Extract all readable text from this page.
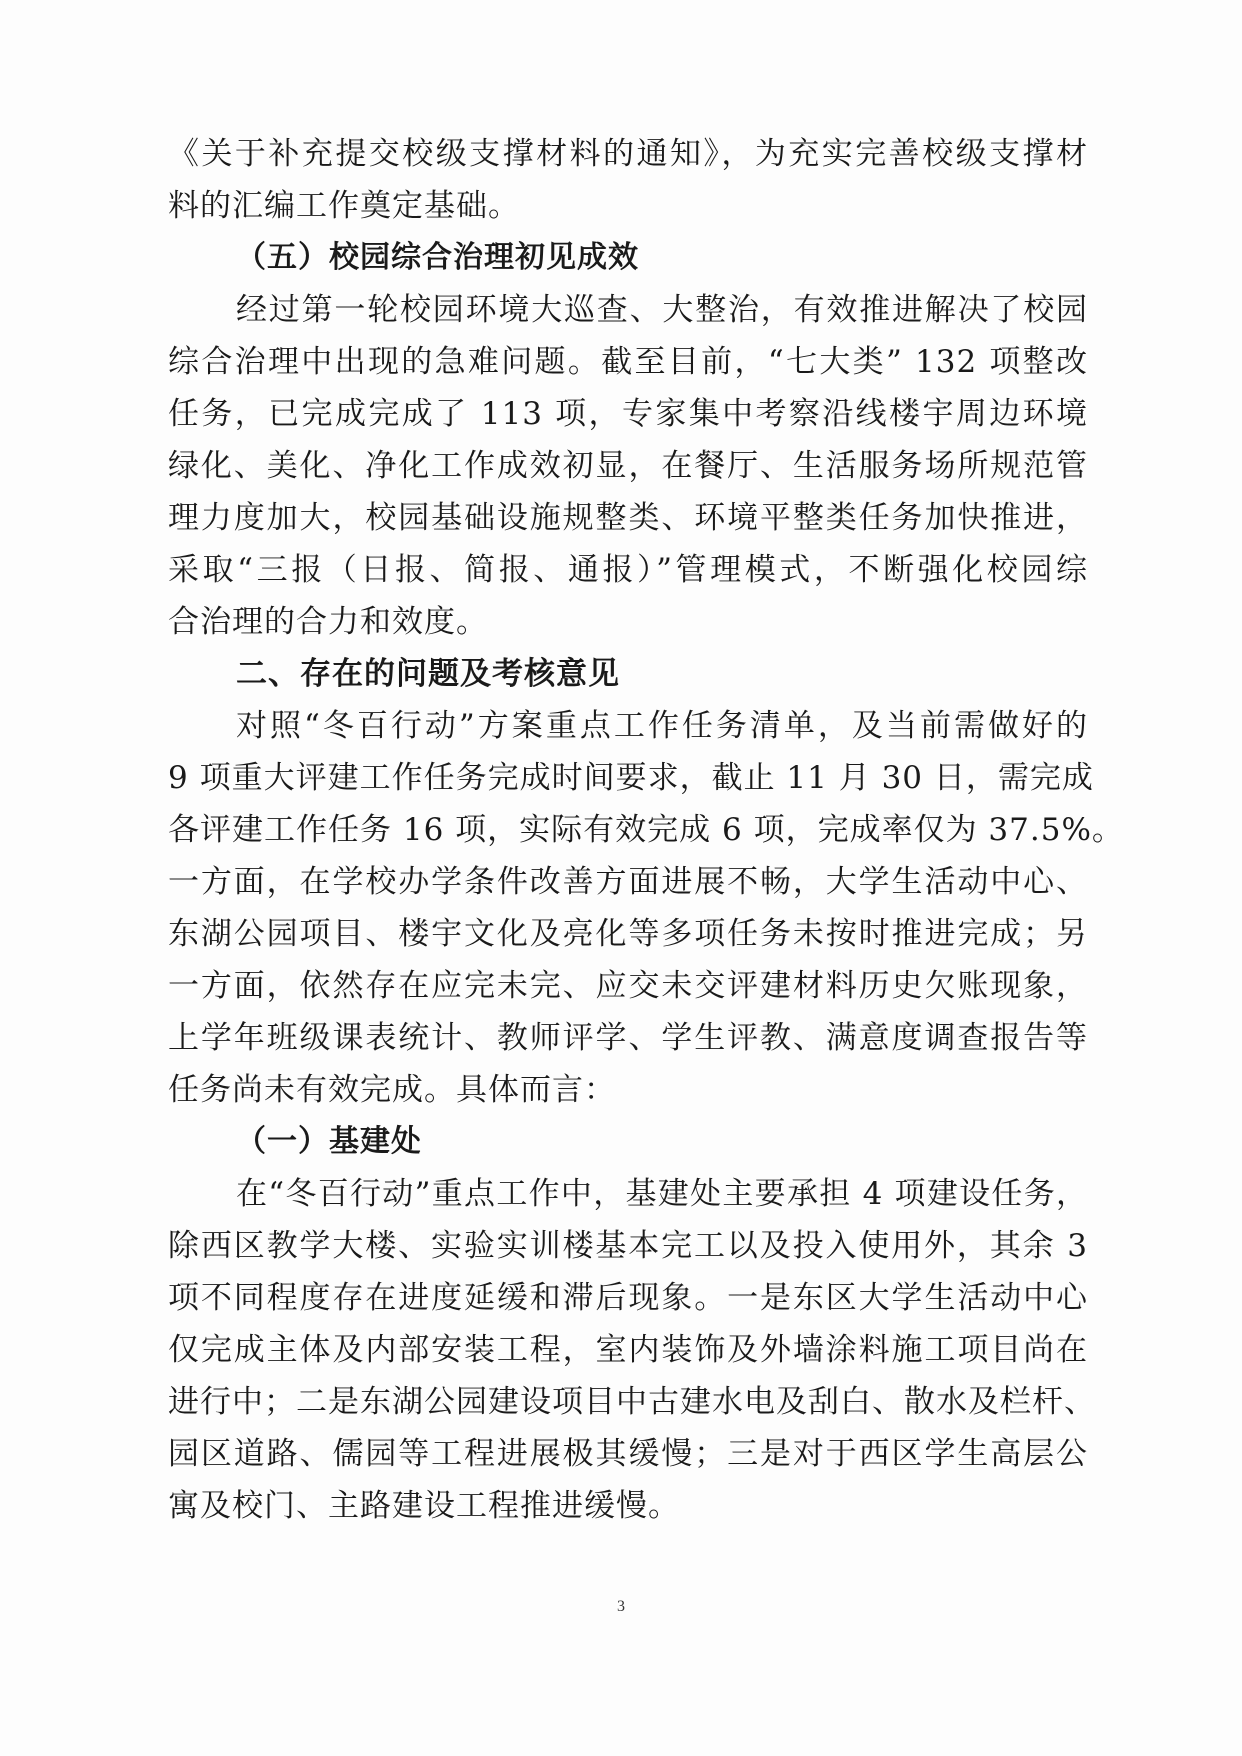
《关于补充提交校级支撑材料的通知》，为充实完善校级支撑材
料的汇编工作奠定基础。
（五）校园综合治理初见成效
经过第一轮校园环境大巡查、大整治，有效推进解决了校园
综合治理中出现的急难问题。截至目前，“七大类” 132 项整改
任务，已完成完成了 113 项，专家集中考察沿线楼宇周边环境
绿化、美化、净化工作成效初显，在餐厅、生活服务场所规范管
理力度加大，校园基础设施规整类、环境平整类任务加快推进，
采取“三报（日报、简报、通报）”管理模式，不断强化校园综
合治理的合力和效度。
二、存在的问题及考核意见
对照“冬百行动”方案重点工作任务清单，及当前需做好的
9 项重大评建工作任务完成时间要求，截止 11 月 30 日，需完成
各评建工作任务 16 项，实际有效完成 6 项，完成率仅为 37.5%。
一方面，在学校办学条件改善方面进展不畅，大学生活动中心、
东湖公园项目、楼宇文化及亮化等多项任务未按时推进完成；另
一方面，依然存在应完未完、应交未交评建材料历史欠账现象，
上学年班级课表统计、教师评学、学生评教、满意度调查报告等
任务尚未有效完成。具体而言：
（一）基建处
在“冬百行动”重点工作中，基建处主要承担 4 项建设任务，
除西区教学大楼、实验实训楼基本完工以及投入使用外，其余 3
项不同程度存在进度延缓和滞后现象。一是东区大学生活动中心
仅完成主体及内部安装工程，室内装饰及外墙涂料施工项目尚在
进行中；二是东湖公园建设项目中古建水电及刮白、散水及栏杆、
园区道路、儒园等工程进展极其缓慢；三是对于西区学生高层公
寓及校门、主路建设工程推进缓慢。
3
